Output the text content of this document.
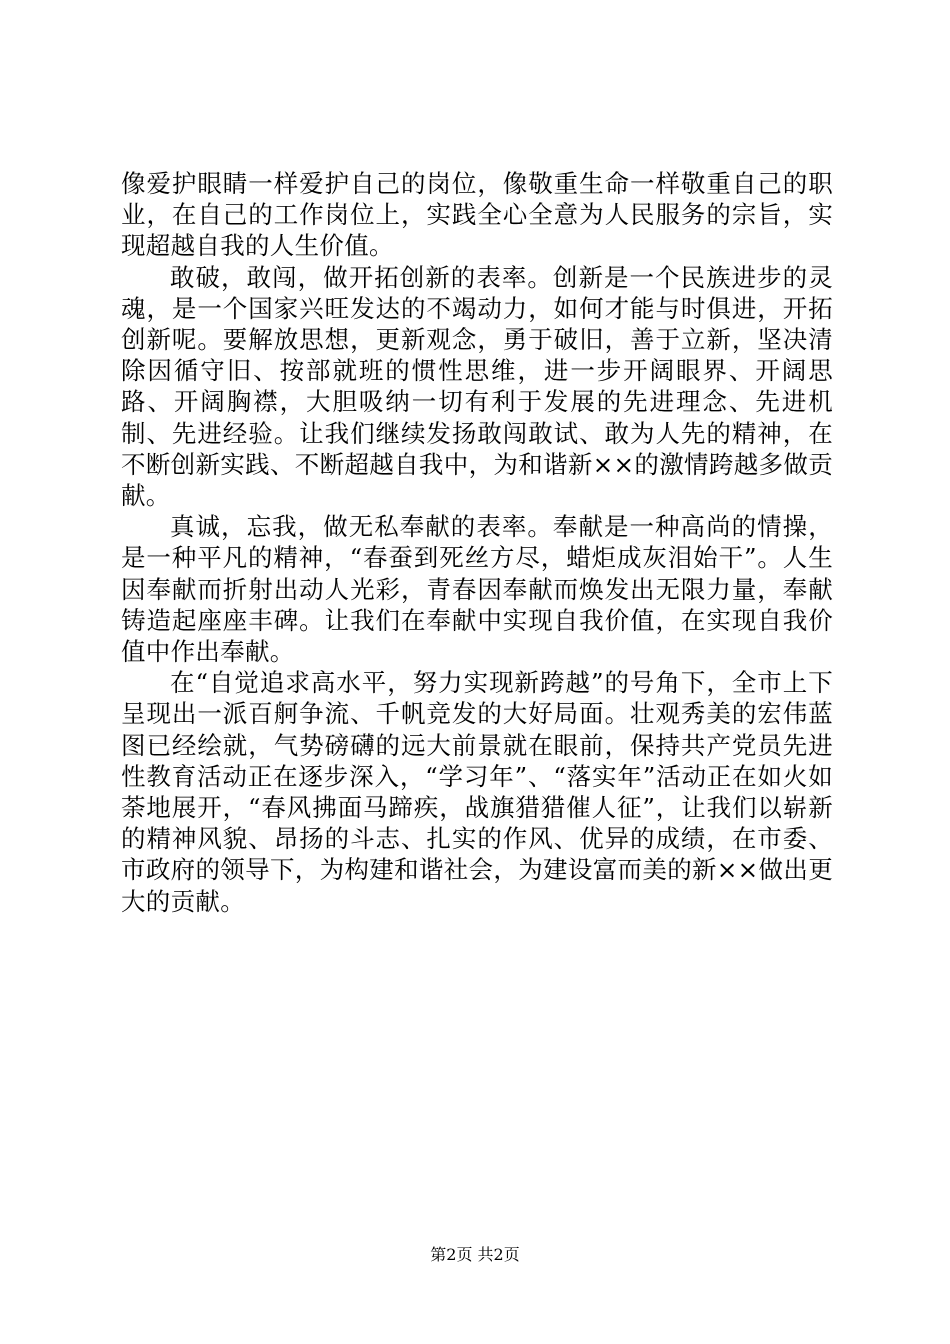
像爱护眼睛一样爱护自己的岗位，像敬重生命一样敬重自己的职业，在自己的工作岗位上，实践全心全意为人民服务的宗旨，实现超越自我的人生价值。

敢破，敢闯，做开拓创新的表率。创新是一个民族进步的灵魂，是一个国家兴旺发达的不竭动力，如何才能与时俱进，开拓创新呢。要解放思想，更新观念，勇于破旧，善于立新，坚决清除因循守旧、按部就班的惯性思维，进一步开阔眼界、开阔思路、开阔胸襟，大胆吸纳一切有利于发展的先进理念、先进机制、先进经验。让我们继续发扬敢闯敢试、敢为人先的精神，在不断创新实践、不断超越自我中，为和谐新××的激情跨越多做贡献。

真诚，忘我，做无私奉献的表率。奉献是一种高尚的情操，是一种平凡的精神，“春蚕到死丝方尽，蜡炬成灰泪始干”。人生因奉献而折射出动人光彩，青春因奉献而焕发出无限力量，奉献铸造起座座丰碑。让我们在奉献中实现自我价值，在实现自我价值中作出奉献。

在“自觉追求高水平，努力实现新跨越”的号角下，全市上下呈现出一派百舸争流、千帆竞发的大好局面。壮观秀美的宏伟蓝图已经绘就，气势磅礴的远大前景就在眼前，保持共产党员先进性教育活动正在逐步深入，“学习年”、“落实年”活动正在如火如荼地展开，“春风拂面马蹄疾，战旗猎猎催人征”，让我们以崭新的精神风貌、昂扬的斗志、扎实的作风、优异的成绩，在市委、市政府的领导下，为构建和谐社会，为建设富而美的新××做出更大的贡献。

第2页 共2页
